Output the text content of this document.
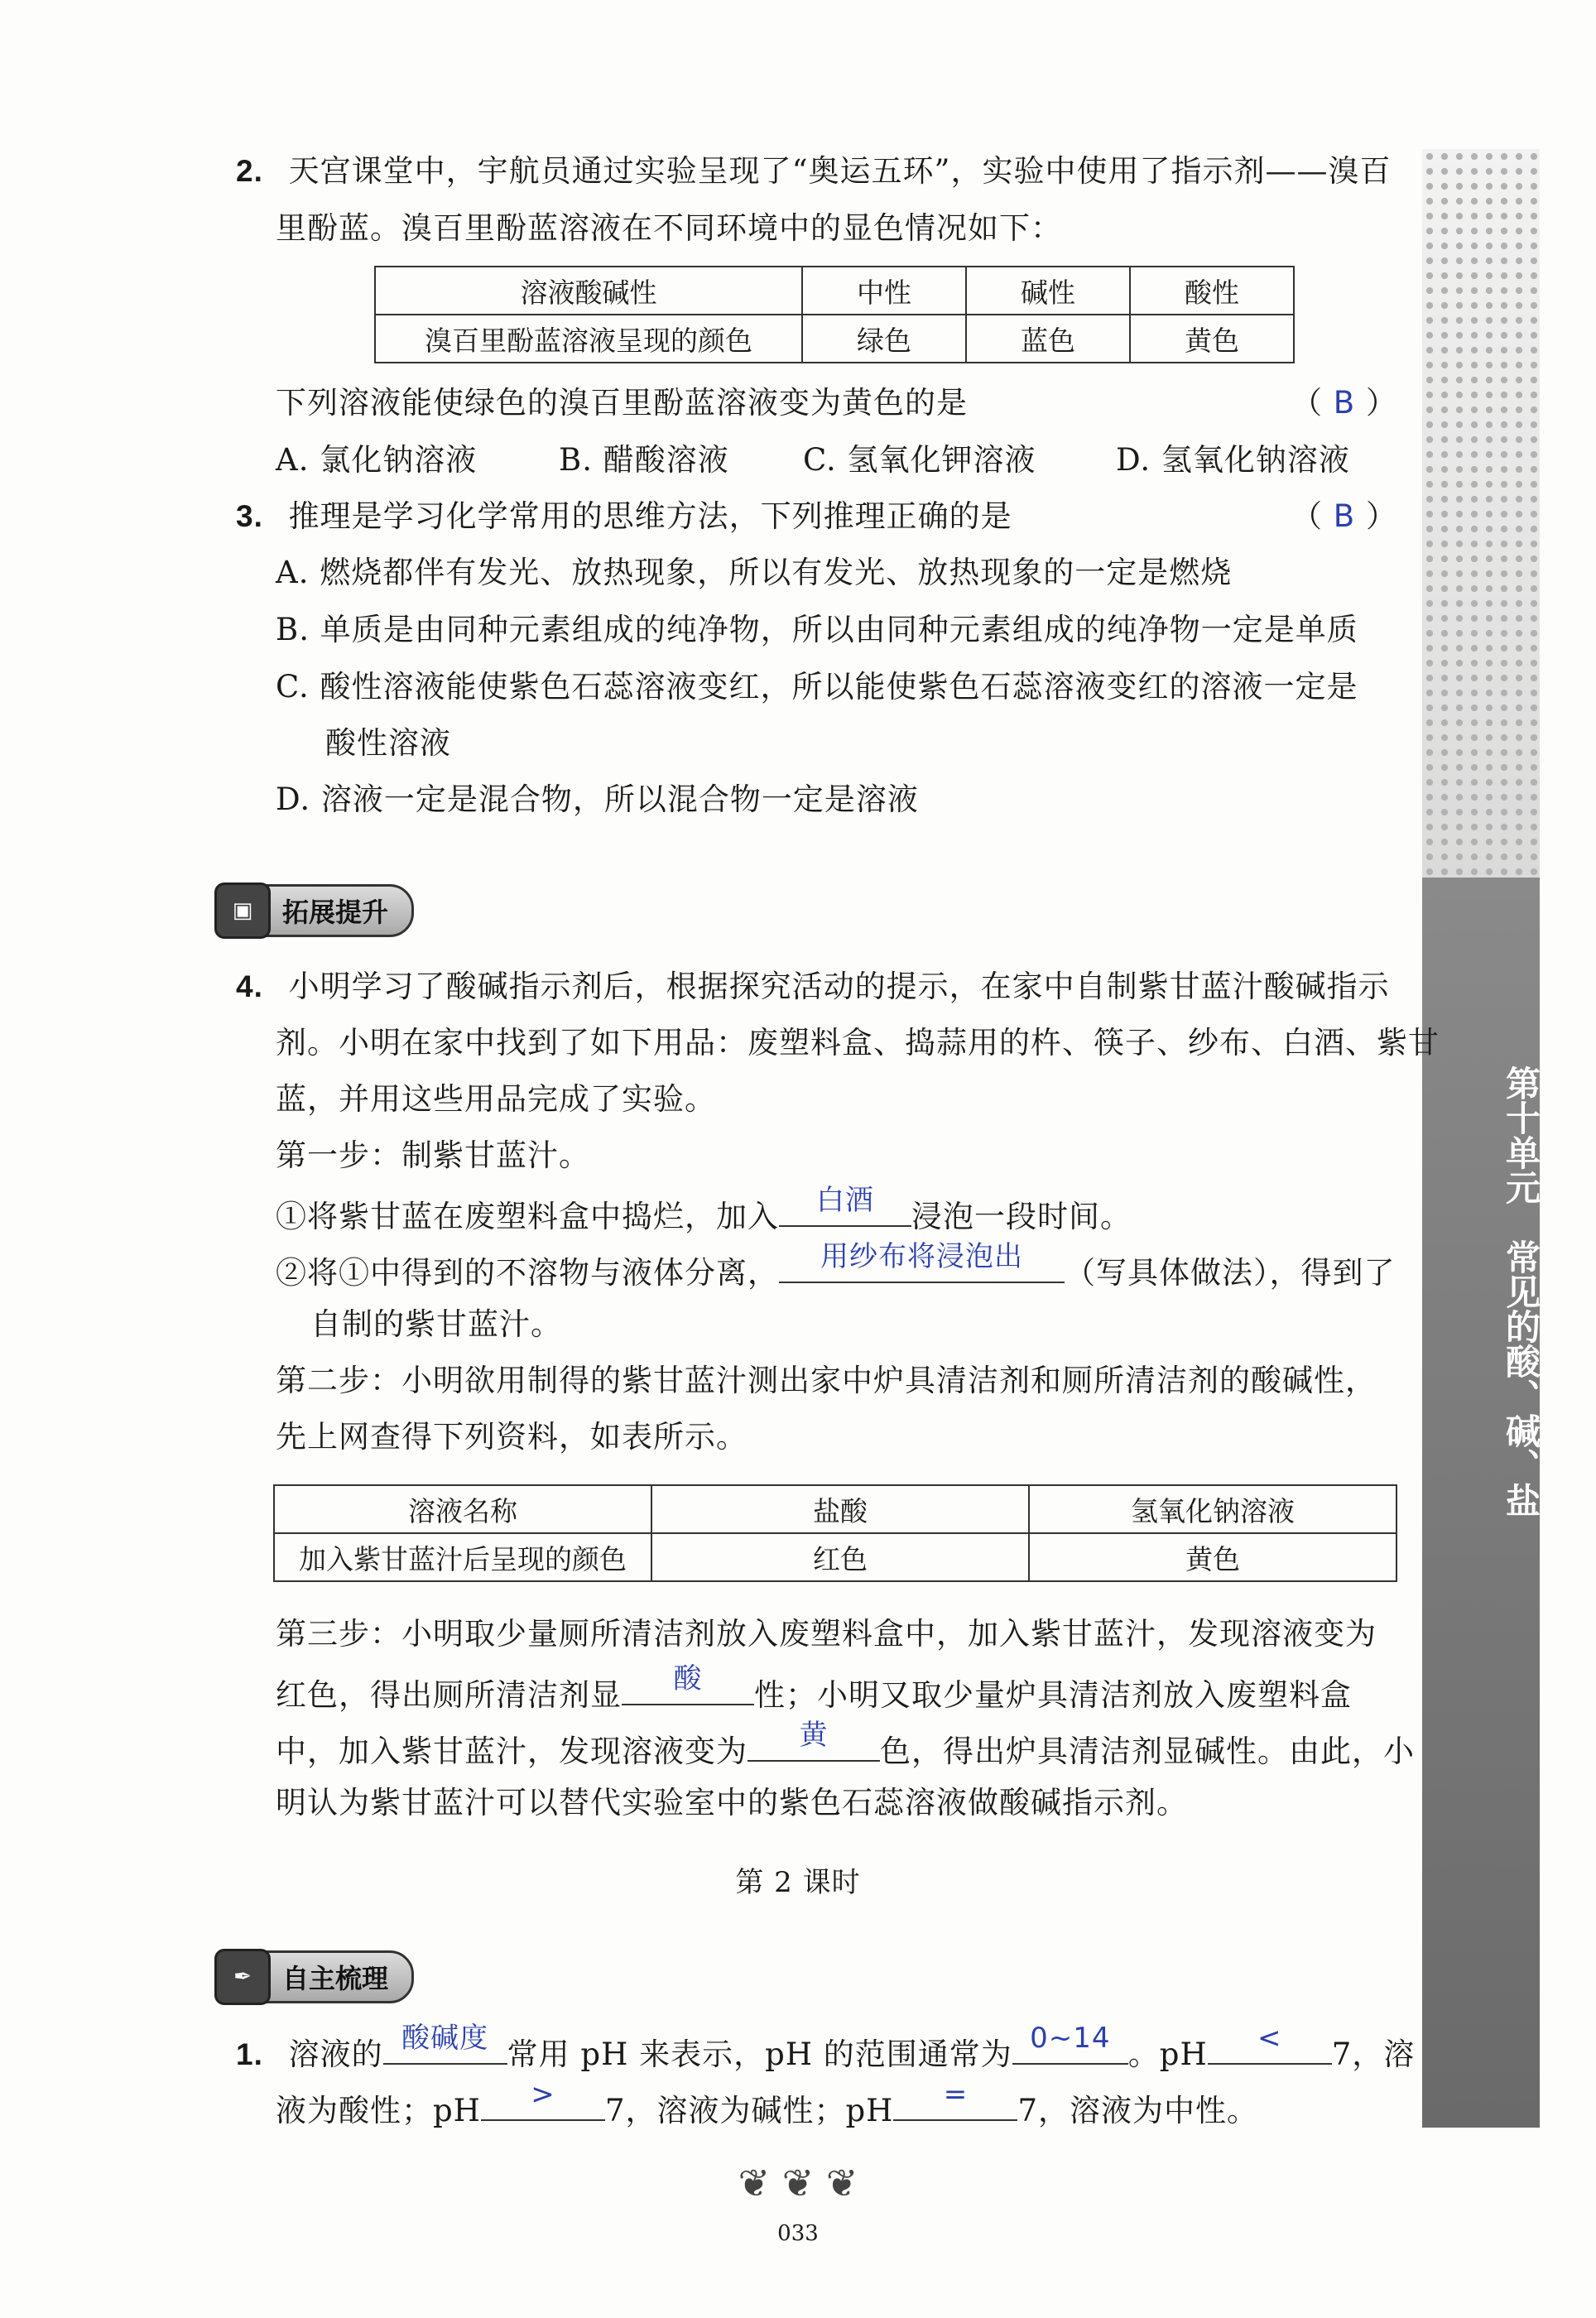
第十单元　常见的酸、碱、盐
2. 天宫课堂中，宇航员通过实验呈现了“奥运五环”，实验中使用了指示剂——溴百
里酚蓝。溴百里酚蓝溶液在不同环境中的显色情况如下：
溶液酸碱性	中性	碱性	酸性
溴百里酚蓝溶液呈现的颜色	绿色	蓝色	黄色
下列溶液能使绿色的溴百里酚蓝溶液变为黄色的是	（ B ）
A. 氯化钠溶液	B. 醋酸溶液 C. 氢氧化钾溶液	D. 氢氧化钠溶液
3. 推理是学习化学常用的思维方法，下列推理正确的是	（ B ）
A. 燃烧都伴有发光、放热现象，所以有发光、放热现象的一定是燃烧
B. 单质是由同种元素组成的纯净物，所以由同种元素组成的纯净物一定是单质
C. 酸性溶液能使紫色石蕊溶液变红，所以能使紫色石蕊溶液变红的溶液一定是
酸性溶液
D. 溶液一定是混合物，所以混合物一定是溶液
▣	拓展提升
4. 小明学习了酸碱指示剂后，根据探究活动的提示，在家中自制紫甘蓝汁酸碱指示
剂。小明在家中找到了如下用品：废塑料盒、捣蒜用的杵、筷子、纱布、白酒、紫甘
蓝，并用这些用品完成了实验。
第一步：制紫甘蓝汁。
①将紫甘蓝在废塑料盒中捣烂，加入	白酒	浸泡一段时间。
②将①中得到的不溶物与液体分离，	用纱布将浸泡出	（写具体做法），得到了
自制的紫甘蓝汁。
第二步：小明欲用制得的紫甘蓝汁测出家中炉具清洁剂和厕所清洁剂的酸碱性，
先上网查得下列资料，如表所示。
溶液名称	盐酸	氢氧化钠溶液
加入紫甘蓝汁后呈现的颜色	红色	黄色
第三步：小明取少量厕所清洁剂放入废塑料盒中，加入紫甘蓝汁，发现溶液变为
红色，得出厕所清洁剂显	酸	性；小明又取少量炉具清洁剂放入废塑料盒
中，加入紫甘蓝汁，发现溶液变为	黄	色，得出炉具清洁剂显碱性。由此，小
明认为紫甘蓝汁可以替代实验室中的紫色石蕊溶液做酸碱指示剂。
第 2 课时
✒	自主梳理
1. 溶液的 酸碱度 常用 pH 来表示，pH 的范围通常为 0~14 。pH	<	7，溶
液为酸性；pH	>	7，溶液为碱性；pH	=	7，溶液为中性。
❦ ❦ ❦
033
